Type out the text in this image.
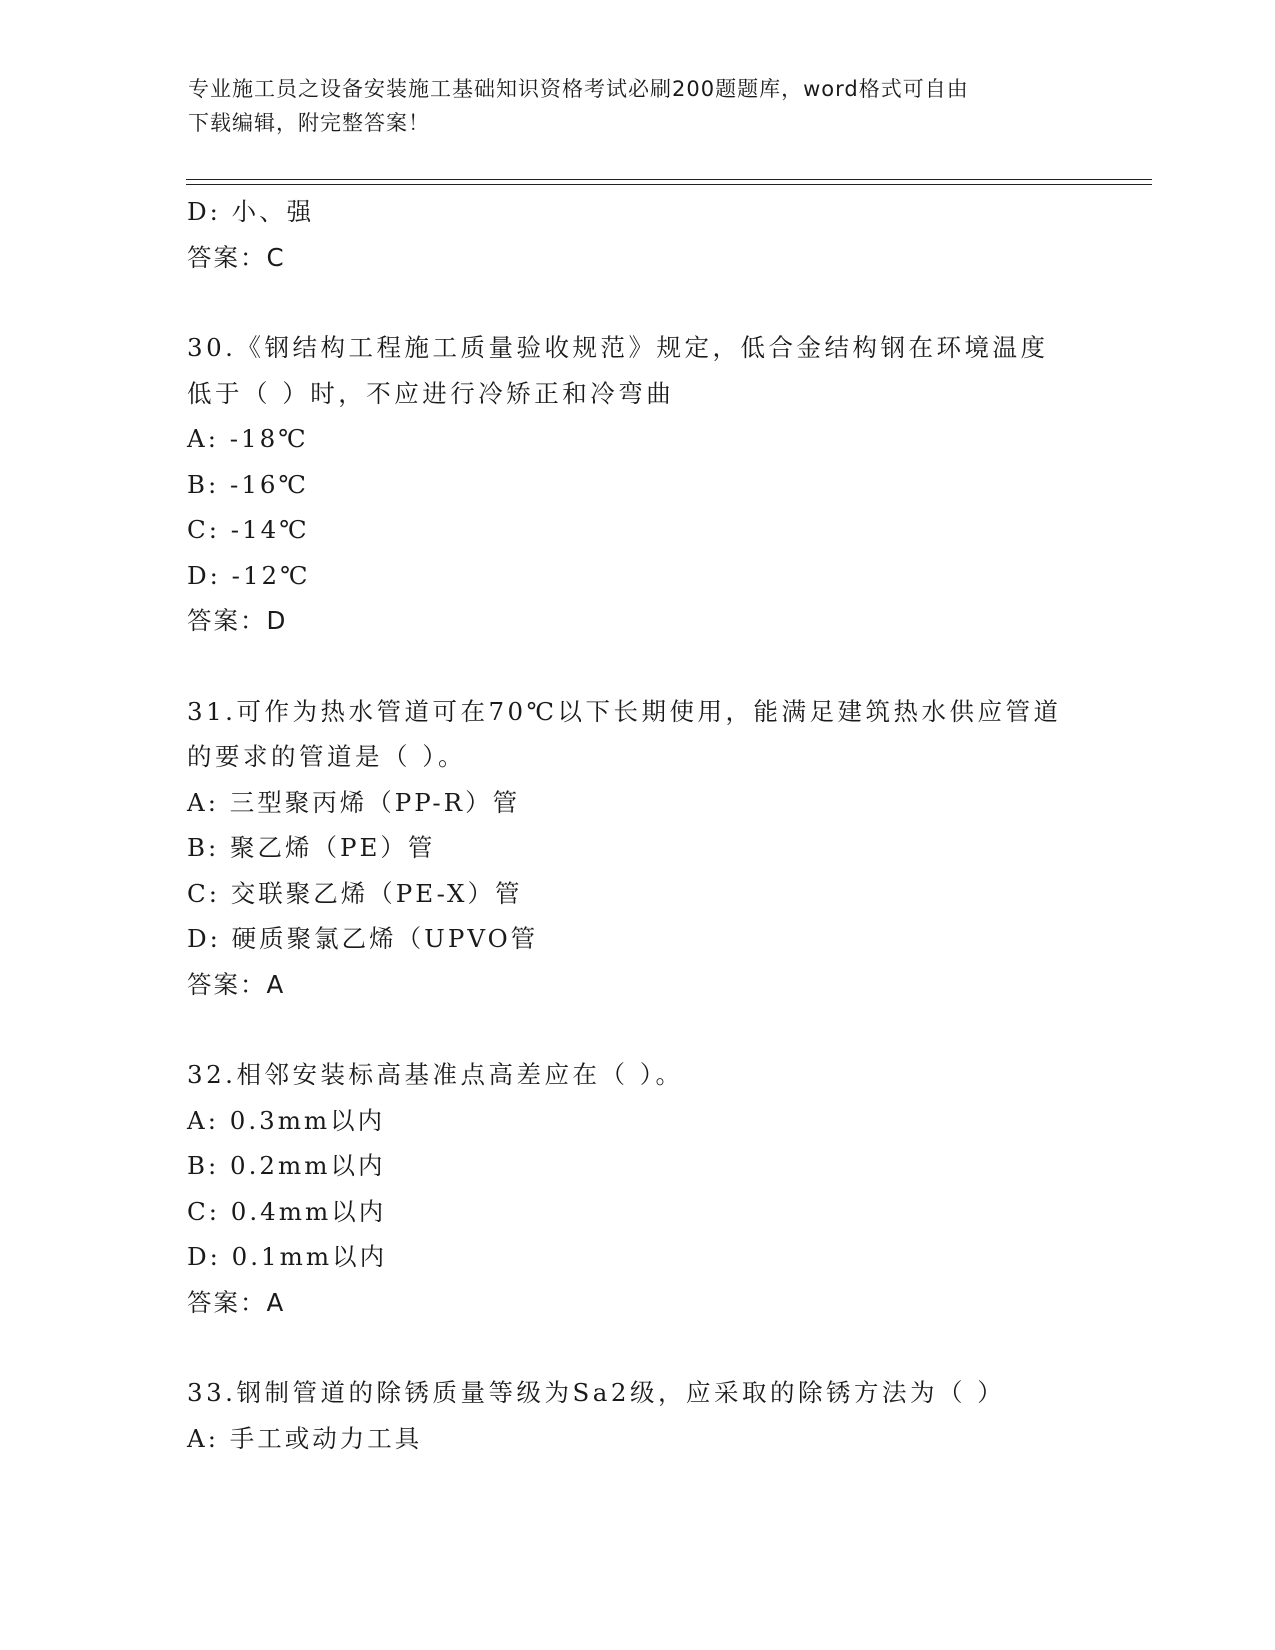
专业施工员之设备安装施工基础知识资格考试必刷200题题库，word格式可自由
下载编辑，附完整答案！
D: 小、强
答案：C
30.《钢结构工程施工质量验收规范》规定，低合金结构钢在环境温度
低于（ ）时，不应进行冷矫正和冷弯曲
A: -18℃
B: -16℃
C: -14℃
D: -12℃
答案：D
31.可作为热水管道可在70℃以下长期使用，能满足建筑热水供应管道
的要求的管道是（ ）。
A: 三型聚丙烯（PP-R）管
B: 聚乙烯（PE）管
C: 交联聚乙烯（PE-X）管
D: 硬质聚氯乙烯（UPVO管
答案：A
32.相邻安装标高基准点高差应在（ ）。
A: 0.3mm以内
B: 0.2mm以内
C: 0.4mm以内
D: 0.1mm以内
答案：A
33.钢制管道的除锈质量等级为Sa2级，应采取的除锈方法为（ ）
A: 手工或动力工具
